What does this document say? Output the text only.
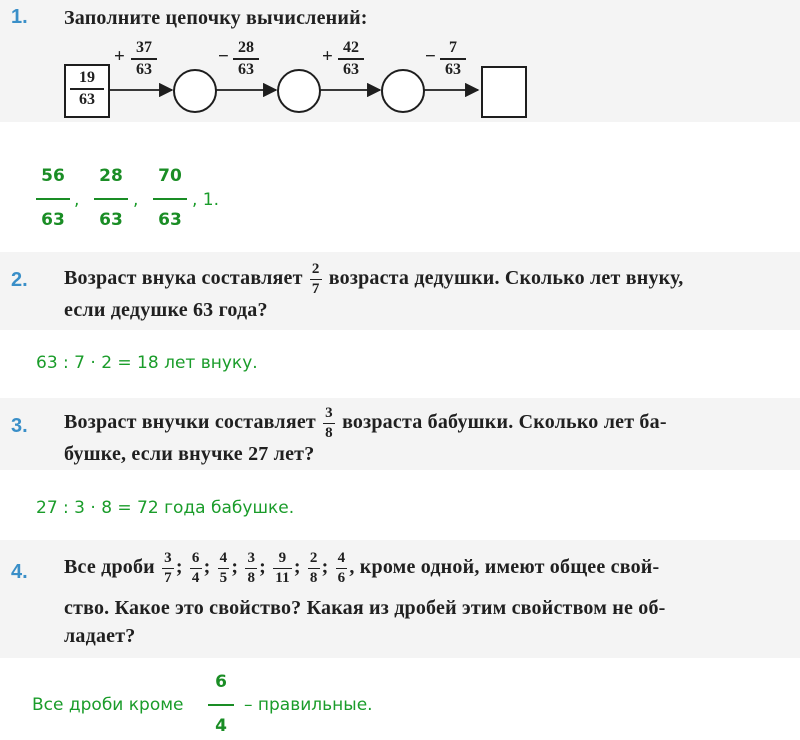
1. Заполните цепочку вычислений:
19
63
+ 37
63
− 28
63
+ 42
63
− 7
63
56
63
,
28
63
,
70
63
, 1.
2. Возраст внука составляет $\frac{2}{7}$ возраста дедушки. Сколько лет внуку,
если дедушке 63 года?
63 : 7 · 2 = 18 лет внуку.
3. Возраст внучки составляет $\frac{3}{8}$ возраста бабушки. Сколько лет ба-
бушке, если внучке 27 лет?
27 : 3 · 8 = 72 года бабушке.
4. Все дроби $\frac{3}{7}$ ; $\frac{6}{4}$ ; $\frac{4}{5}$ ; $\frac{3}{8}$ ; $\frac{9}{11}$ ; $\frac{2}{8}$ ; $\frac{4}{6}$ , кроме одной, имеют общее свой-
ство. Какое это свойство? Какая из дробей этим свойством не об-
ладает?
Все дроби кроме
6
4
– правильные.
